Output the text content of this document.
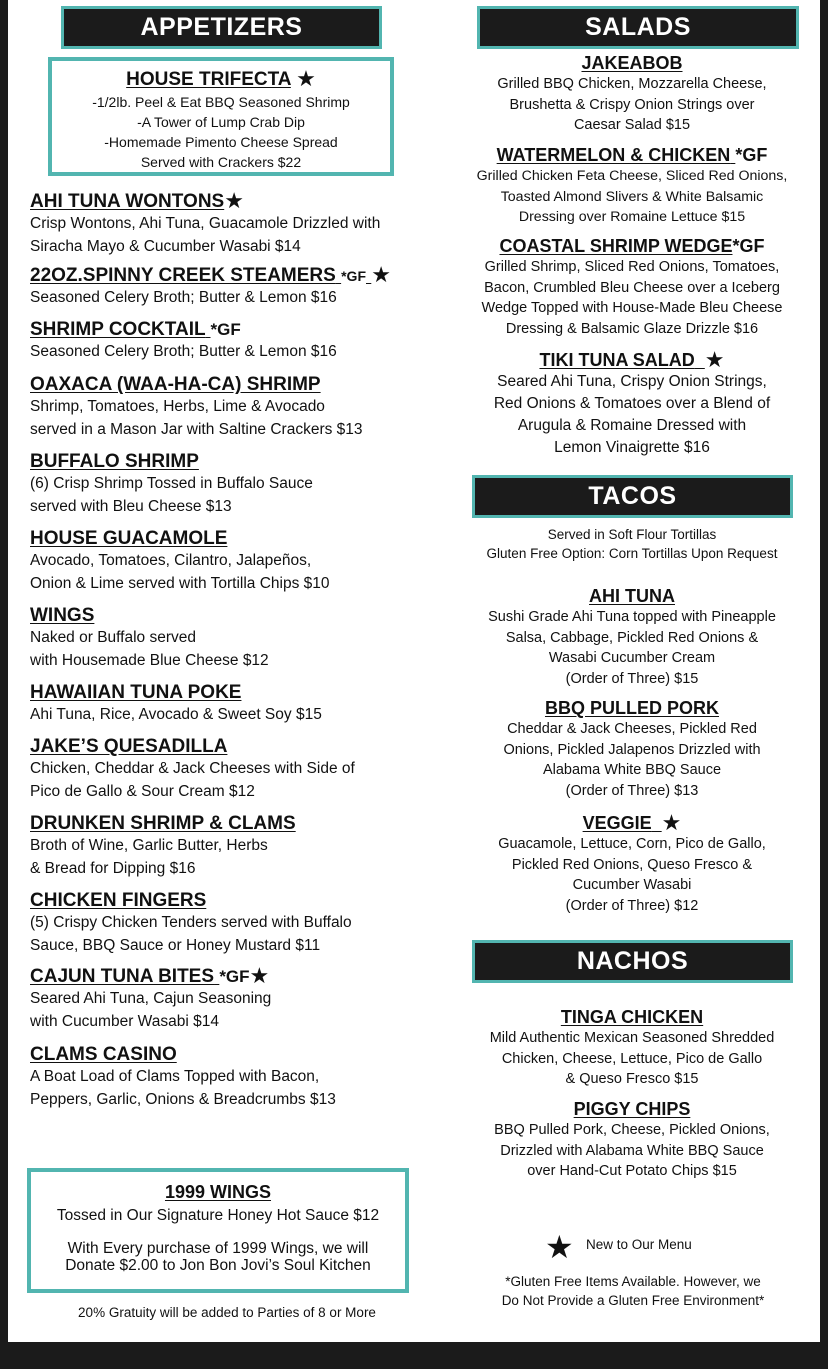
APPETIZERS
HOUSE TRIFECTA ★
-1/2lb. Peel & Eat BBQ Seasoned Shrimp
-A Tower of Lump Crab Dip
-Homemade Pimento Cheese Spread
Served with Crackers $22
AHI TUNA WONTONS★
Crisp Wontons, Ahi Tuna, Guacamole Drizzled with
Siracha Mayo & Cucumber Wasabi $14
22OZ.SPINNY CREEK STEAMERS *GF ★
Seasoned Celery Broth; Butter & Lemon $16
SHRIMP COCKTAIL *GF
Seasoned Celery Broth; Butter & Lemon $16
OAXACA (WAA-HA-CA) SHRIMP
Shrimp, Tomatoes, Herbs, Lime & Avocado
served in a Mason Jar with Saltine Crackers $13
BUFFALO SHRIMP
(6) Crisp Shrimp Tossed in Buffalo Sauce
served with Bleu Cheese $13
HOUSE GUACAMOLE
Avocado, Tomatoes, Cilantro, Jalapeños,
Onion & Lime served with Tortilla Chips $10
WINGS
Naked or Buffalo served
with Housemade Blue Cheese $12
HAWAIIAN TUNA POKE
Ahi Tuna, Rice, Avocado & Sweet Soy $15
JAKE’S QUESADILLA
Chicken, Cheddar & Jack Cheeses with Side of
Pico de Gallo & Sour Cream $12
DRUNKEN SHRIMP & CLAMS
Broth of Wine, Garlic Butter, Herbs
& Bread for Dipping $16
CHICKEN FINGERS
(5) Crispy Chicken Tenders served with Buffalo
Sauce, BBQ Sauce or Honey Mustard $11
CAJUN TUNA BITES *GF★
Seared Ahi Tuna, Cajun Seasoning
with Cucumber Wasabi $14
CLAMS CASINO
A Boat Load of Clams Topped with Bacon,
Peppers, Garlic, Onions & Breadcrumbs $13
1999 WINGS
Tossed in Our Signature Honey Hot Sauce $12
With Every purchase of 1999 Wings, we will
Donate $2.00 to Jon Bon Jovi’s Soul Kitchen
20% Gratuity will be added to Parties of 8 or More
SALADS
JAKEABOB
Grilled BBQ Chicken, Mozzarella Cheese,
Brushetta & Crispy Onion Strings over
Caesar Salad $15
WATERMELON & CHICKEN *GF
Grilled Chicken Feta Cheese, Sliced Red Onions,
Toasted Almond Slivers & White Balsamic
Dressing over Romaine Lettuce $15
COASTAL SHRIMP WEDGE*GF
Grilled Shrimp, Sliced Red Onions, Tomatoes,
Bacon, Crumbled Bleu Cheese over a Iceberg
Wedge Topped with House-Made Bleu Cheese
Dressing & Balsamic Glaze Drizzle $16
TIKI TUNA SALAD ★
Seared Ahi Tuna, Crispy Onion Strings,
Red Onions & Tomatoes over a Blend of
Arugula & Romaine Dressed with
Lemon Vinaigrette $16
TACOS
Served in Soft Flour Tortillas
Gluten Free Option: Corn Tortillas Upon Request
AHI TUNA
Sushi Grade Ahi Tuna topped with Pineapple
Salsa, Cabbage, Pickled Red Onions &
Wasabi Cucumber Cream
(Order of Three) $15
BBQ PULLED PORK
Cheddar & Jack Cheeses, Pickled Red
Onions, Pickled Jalapenos Drizzled with
Alabama White BBQ Sauce
(Order of Three) $13
VEGGIE ★
Guacamole, Lettuce, Corn, Pico de Gallo,
Pickled Red Onions, Queso Fresco &
Cucumber Wasabi
(Order of Three) $12
NACHOS
TINGA CHICKEN
Mild Authentic Mexican Seasoned Shredded
Chicken, Cheese, Lettuce, Pico de Gallo
& Queso Fresco $15
PIGGY CHIPS
BBQ Pulled Pork, Cheese, Pickled Onions,
Drizzled with Alabama White BBQ Sauce
over Hand-Cut Potato Chips $15
★ New to Our Menu
*Gluten Free Items Available. However, we
Do Not Provide a Gluten Free Environment*
